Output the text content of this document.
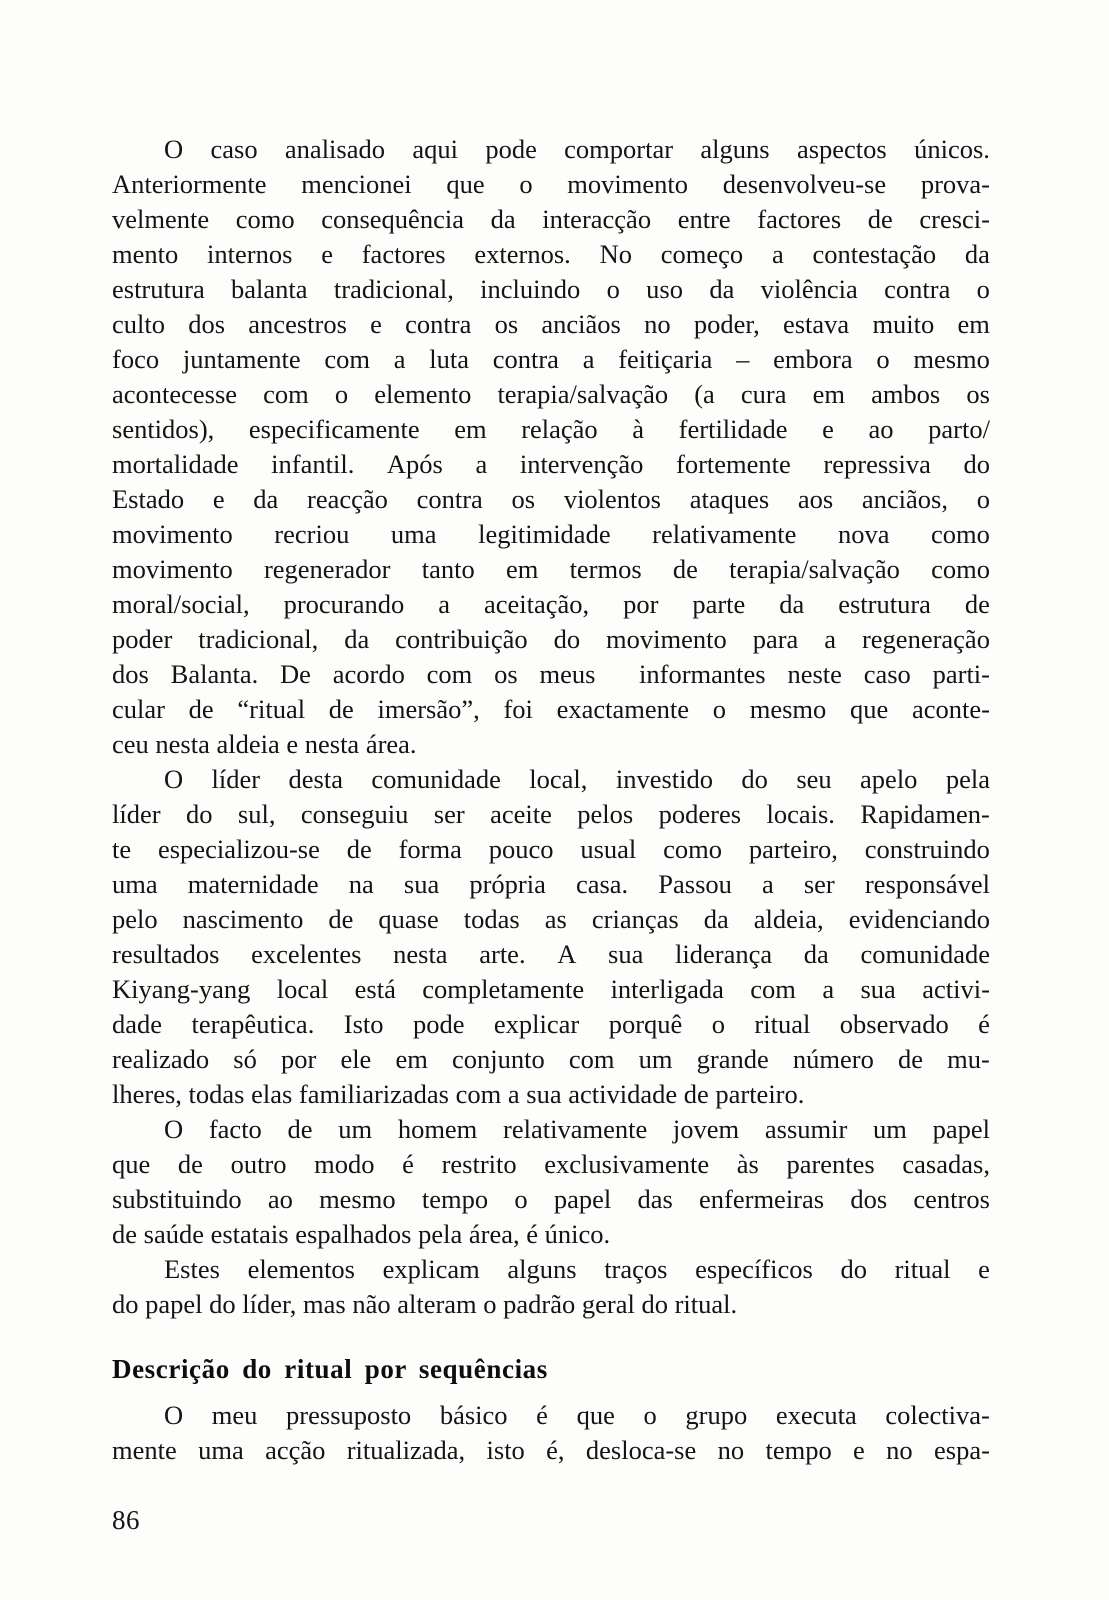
O caso analisado aqui pode comportar alguns aspectos únicos.
Anteriormente mencionei que o movimento desenvolveu-se prova-
velmente como consequência da interacção entre factores de cresci-
mento internos e factores externos. No começo a contestação da
estrutura balanta tradicional, incluindo o uso da violência contra o
culto dos ancestros e contra os anciãos no poder, estava muito em
foco juntamente com a luta contra a feitiçaria – embora o mesmo
acontecesse com o elemento terapia/salvação (a cura em ambos os
sentidos), especificamente em relação à fertilidade e ao parto/
mortalidade infantil. Após a intervenção fortemente repressiva do
Estado e da reacção contra os violentos ataques aos anciãos, o
movimento recriou uma legitimidade relativamente nova como
movimento regenerador tanto em termos de terapia/salvação como
moral/social, procurando a aceitação, por parte da estrutura de
poder tradicional, da contribuição do movimento para a regeneração
dos Balanta. De acordo com os meus informantes neste caso parti-
cular de “ritual de imersão”, foi exactamente o mesmo que aconte-
ceu nesta aldeia e nesta área.
O líder desta comunidade local, investido do seu apelo pela
líder do sul, conseguiu ser aceite pelos poderes locais. Rapidamen-
te especializou-se de forma pouco usual como parteiro, construindo
uma maternidade na sua própria casa. Passou a ser responsável
pelo nascimento de quase todas as crianças da aldeia, evidenciando
resultados excelentes nesta arte. A sua liderança da comunidade
Kiyang-yang local está completamente interligada com a sua activi-
dade terapêutica. Isto pode explicar porquê o ritual observado é
realizado só por ele em conjunto com um grande número de mu-
lheres, todas elas familiarizadas com a sua actividade de parteiro.
O facto de um homem relativamente jovem assumir um papel
que de outro modo é restrito exclusivamente às parentes casadas,
substituindo ao mesmo tempo o papel das enfermeiras dos centros
de saúde estatais espalhados pela área, é único.
Estes elementos explicam alguns traços específicos do ritual e
do papel do líder, mas não alteram o padrão geral do ritual.
Descrição do ritual por sequências
O meu pressuposto básico é que o grupo executa colectiva-
mente uma acção ritualizada, isto é, desloca-se no tempo e no espa-
86
